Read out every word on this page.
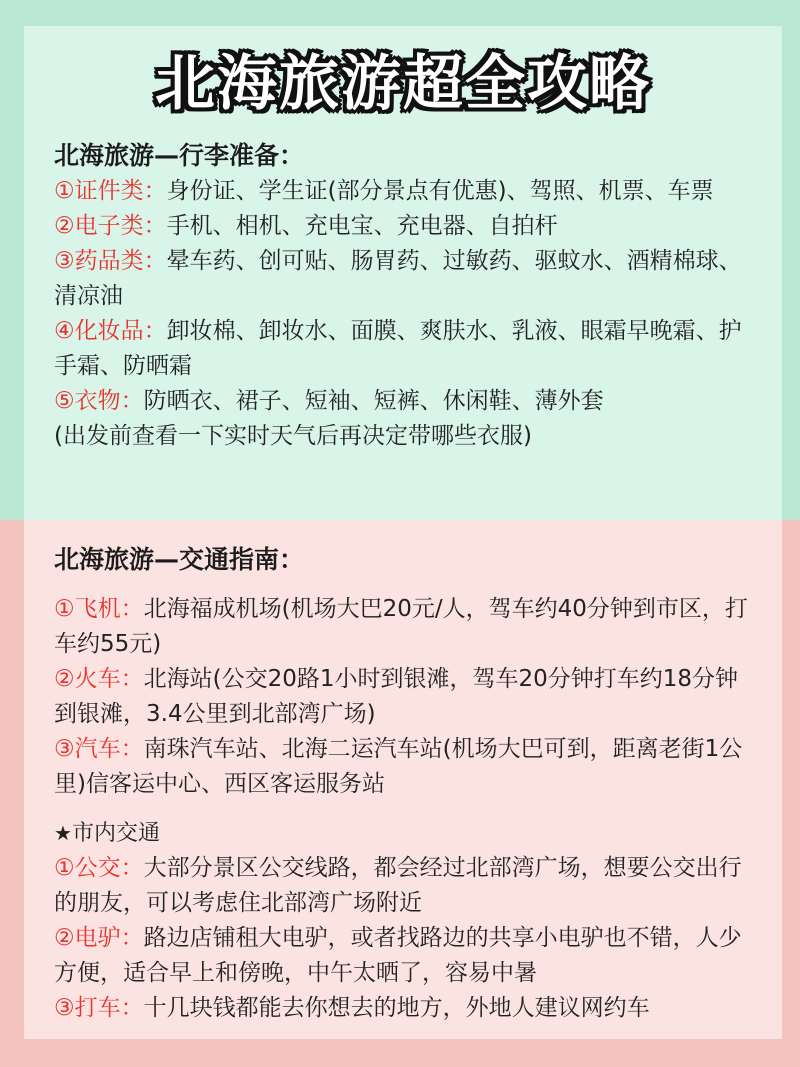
北海旅游超全攻略
北海旅游—行李准备：

①证件类：身份证、学生证(部分景点有优惠)、驾照、机票、车票

②电子类：手机、相机、充电宝、充电器、自拍杆

③药品类：晕车药、创可贴、肠胃药、过敏药、驱蚊水、酒精棉球、清凉油

④化妆品：卸妆棉、卸妆水、面膜、爽肤水、乳液、眼霜早晚霜、护手霜、防晒霜

⑤衣物：防晒衣、裙子、短袖、短裤、休闲鞋、薄外套

(出发前查看一下实时天气后再决定带哪些衣服)

北海旅游—交通指南：

①飞机：北海福成机场(机场大巴20元/人，驾车约40分钟到市区，打车约55元)

②火车：北海站(公交20路1小时到银滩，驾车20分钟打车约18分钟到银滩，3.4公里到北部湾广场)

③汽车：南珠汽车站、北海二运汽车站(机场大巴可到，距离老街1公里)信客运中心、西区客运服务站

★市内交通

①公交：大部分景区公交线路，都会经过北部湾广场，想要公交出行的朋友，可以考虑住北部湾广场附近

②电驴：路边店铺租大电驴，或者找路边的共享小电驴也不错，人少方便，适合早上和傍晚，中午太晒了，容易中暑

③打车：十几块钱都能去你想去的地方，外地人建议网约车
